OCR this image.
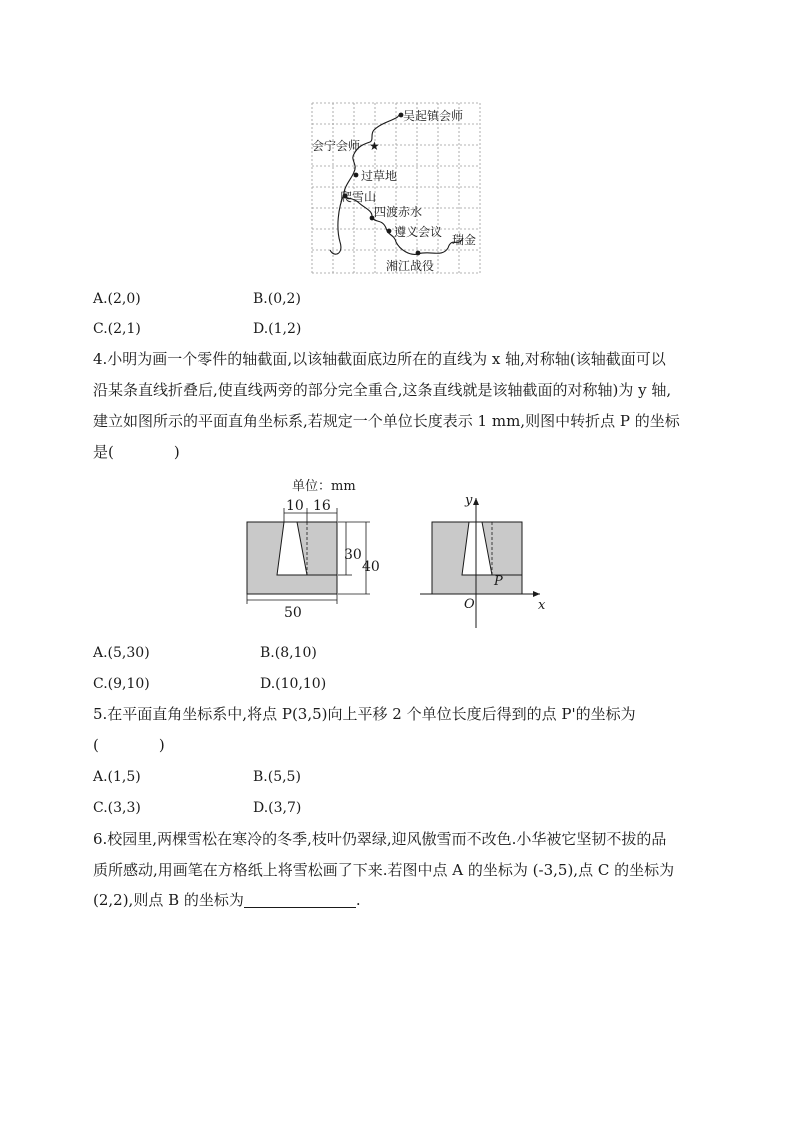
★
吴起镇会师
会宁会师
过草地
爬雪山
四渡赤水
遵义会议
瑞金
湘江战役
A.(2,0)	B.(0,2)
C.(2,1)	D.(1,2)
4.小明为画一个零件的轴截面,以该轴截面底边所在的直线为 x 轴,对称轴(该轴截面可以
沿某条直线折叠后,使直线两旁的部分完全重合,这条直线就是该轴截面的对称轴)为 y 轴,
建立如图所示的平面直角坐标系,若规定一个单位长度表示 1 mm,则图中转折点 P 的坐标
是(　　　　)
单位：mm
10 16
30
40
50
y
x
O
P
A.(5,30)	B.(8,10)
C.(9,10)	D.(10,10)
5.在平面直角坐标系中,将点 P(3,5)向上平移 2 个单位长度后得到的点 P'的坐标为
(　　　　)
A.(1,5)	B.(5,5)
C.(3,3)	D.(3,7)
6.校园里,两棵雪松在寒冷的冬季,枝叶仍翠绿,迎风傲雪而不改色.小华被它坚韧不拔的品
质所感动,用画笔在方格纸上将雪松画了下来.若图中点 A 的坐标为 (-3,5),点 C 的坐标为
(2,2),则点 B 的坐标为	.
